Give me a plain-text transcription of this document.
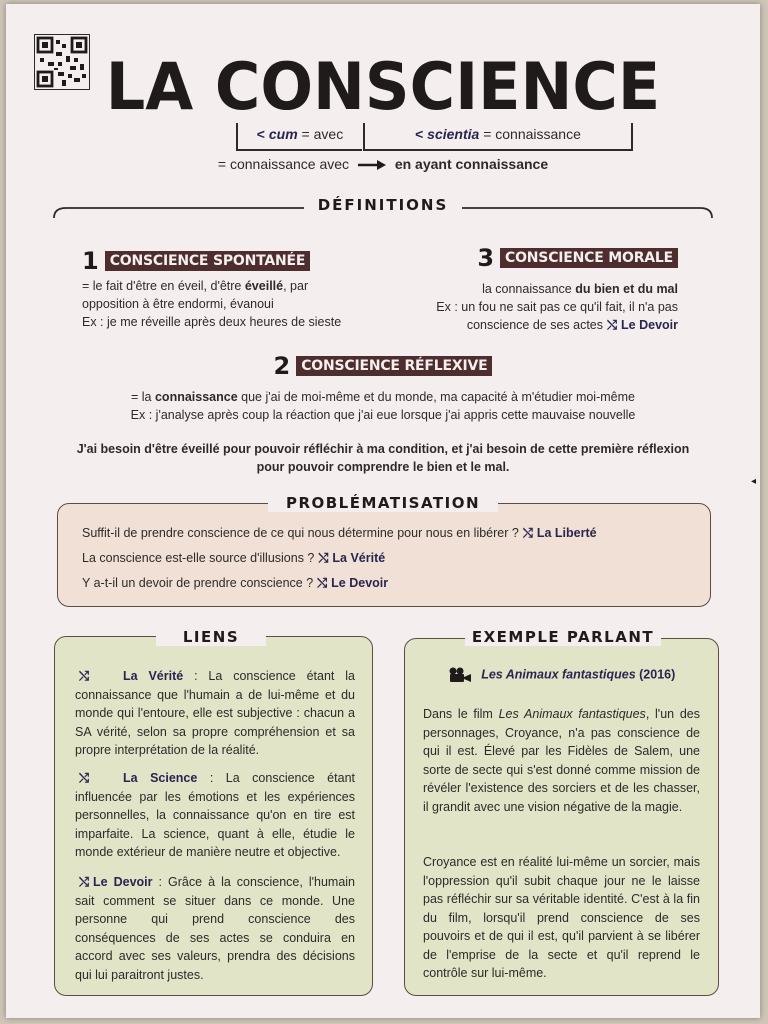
LA CONSCIENCE
< cum = avec	< scientia = connaissance
= connaissance avec	en ayant connaissance
DÉFINITIONS
1 CONSCIENCE SPONTANÉE

= le fait d'être en éveil, d'être éveillé, par

opposition à être endormi, évanoui

Ex : je me réveille après deux heures de sieste

3 CONSCIENCE MORALE

la connaissance du bien et du mal

Ex : un fou ne sait pas ce qu'il fait, il n'a pas

conscience de ses actes ⤭ Le Devoir

2 CONSCIENCE RÉFLEXIVE
= la connaissance que j'ai de moi-même et du monde, ma capacité à m'étudier moi-même
Ex : j'analyse après coup la réaction que j'ai eue lorsque j'ai appris cette mauvaise nouvelle
J'ai besoin d'être éveillé pour pouvoir réfléchir à ma condition, et j'ai besoin de cette première réflexion pour pouvoir comprendre le bien et le mal.
◂
Suffit-il de prendre conscience de ce qui nous détermine pour nous en libérer ? ⤭ La Liberté
La conscience est-elle source d'illusions ? ⤭ La Vérité
Y a-t-il un devoir de prendre conscience ? ⤭ Le Devoir
PROBLÉMATISATION
⤭	La Vérité : La conscience étant la connaissance que l'humain a de lui-même et du monde qui l'entoure, elle est subjective : chacun a SA vérité, selon sa propre compréhension et sa propre interprétation de la réalité.
⤭	La Science : La conscience étant influencée par les émotions et les expériences personnelles, la connaissance qu'on en tire est imparfaite. La science, quant à elle, étudie le monde extérieur de manière neutre et objective.
⤭ Le Devoir : Grâce à la conscience, l'humain sait comment se situer dans ce monde. Une personne qui prend conscience des conséquences de ses actes se conduira en accord avec ses valeurs, prendra des décisions qui lui paraitront justes.
LIENS
Les Animaux fantastiques (2016)
Dans le film Les Animaux fantastiques, l'un des personnages, Croyance, n'a pas conscience de qui il est. Élevé par les Fidèles de Salem, une sorte de secte qui s'est donné comme mission de révéler l'existence des sorciers et de les chasser, il grandit avec une vision négative de la magie.
Croyance est en réalité lui-même un sorcier, mais l'oppression qu'il subit chaque jour ne le laisse pas réfléchir sur sa véritable identité. C'est à la fin du film, lorsqu'il prend conscience de ses pouvoirs et de qui il est, qu'il parvient à se libérer de l'emprise de la secte et qu'il reprend le contrôle sur lui-même.
EXEMPLE PARLANT
